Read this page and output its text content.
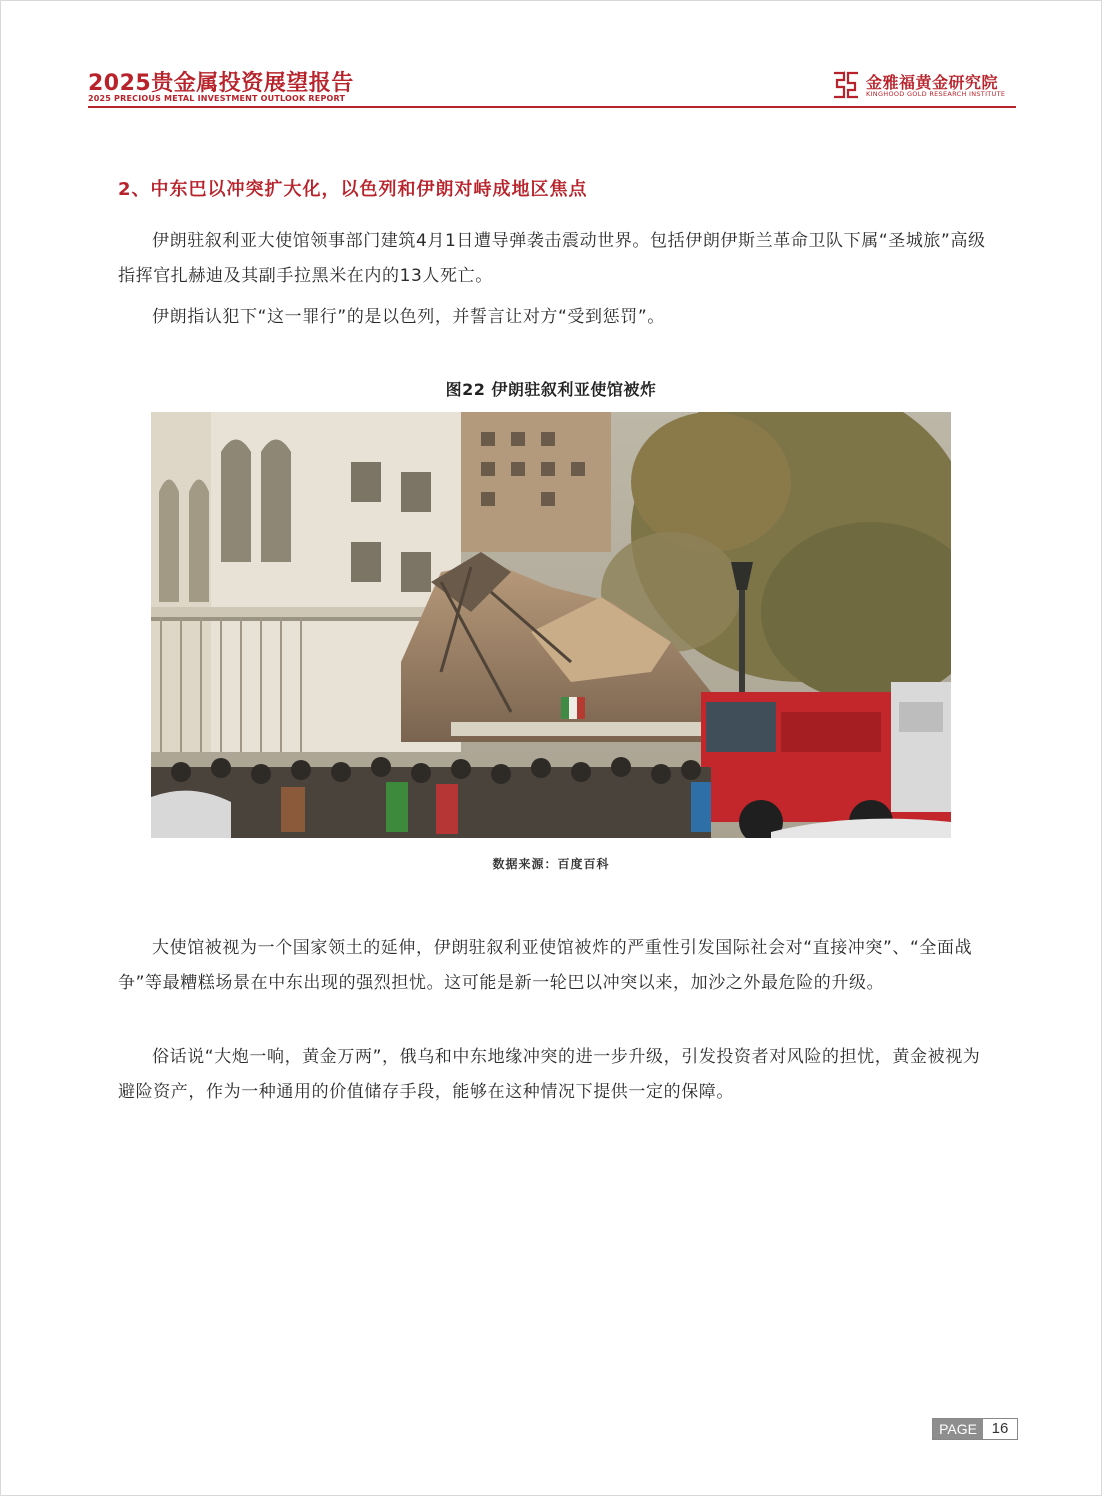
2025贵金属投资展望报告
2025 PRECIOUS METAL INVESTMENT OUTLOOK REPORT
金雅福黄金研究院
KINGHOOD GOLD RESEARCH INSTITUTE
2、中东巴以冲突扩大化，以色列和伊朗对峙成地区焦点
伊朗驻叙利亚大使馆领事部门建筑4月1日遭导弹袭击震动世界。包括伊朗伊斯兰革命卫队下属“圣城旅”高级指挥官扎赫迪及其副手拉黑米在内的13人死亡。
伊朗指认犯下“这一罪行”的是以色列，并誓言让对方“受到惩罚”。
图22 伊朗驻叙利亚使馆被炸
数据来源：百度百科
大使馆被视为一个国家领土的延伸，伊朗驻叙利亚使馆被炸的严重性引发国际社会对“直接冲突”、“全面战争”等最糟糕场景在中东出现的强烈担忧。这可能是新一轮巴以冲突以来，加沙之外最危险的升级。
俗话说“大炮一响，黄金万两”，俄乌和中东地缘冲突的进一步升级，引发投资者对风险的担忧，黄金被视为避险资产，作为一种通用的价值储存手段，能够在这种情况下提供一定的保障。
PAGE 16
